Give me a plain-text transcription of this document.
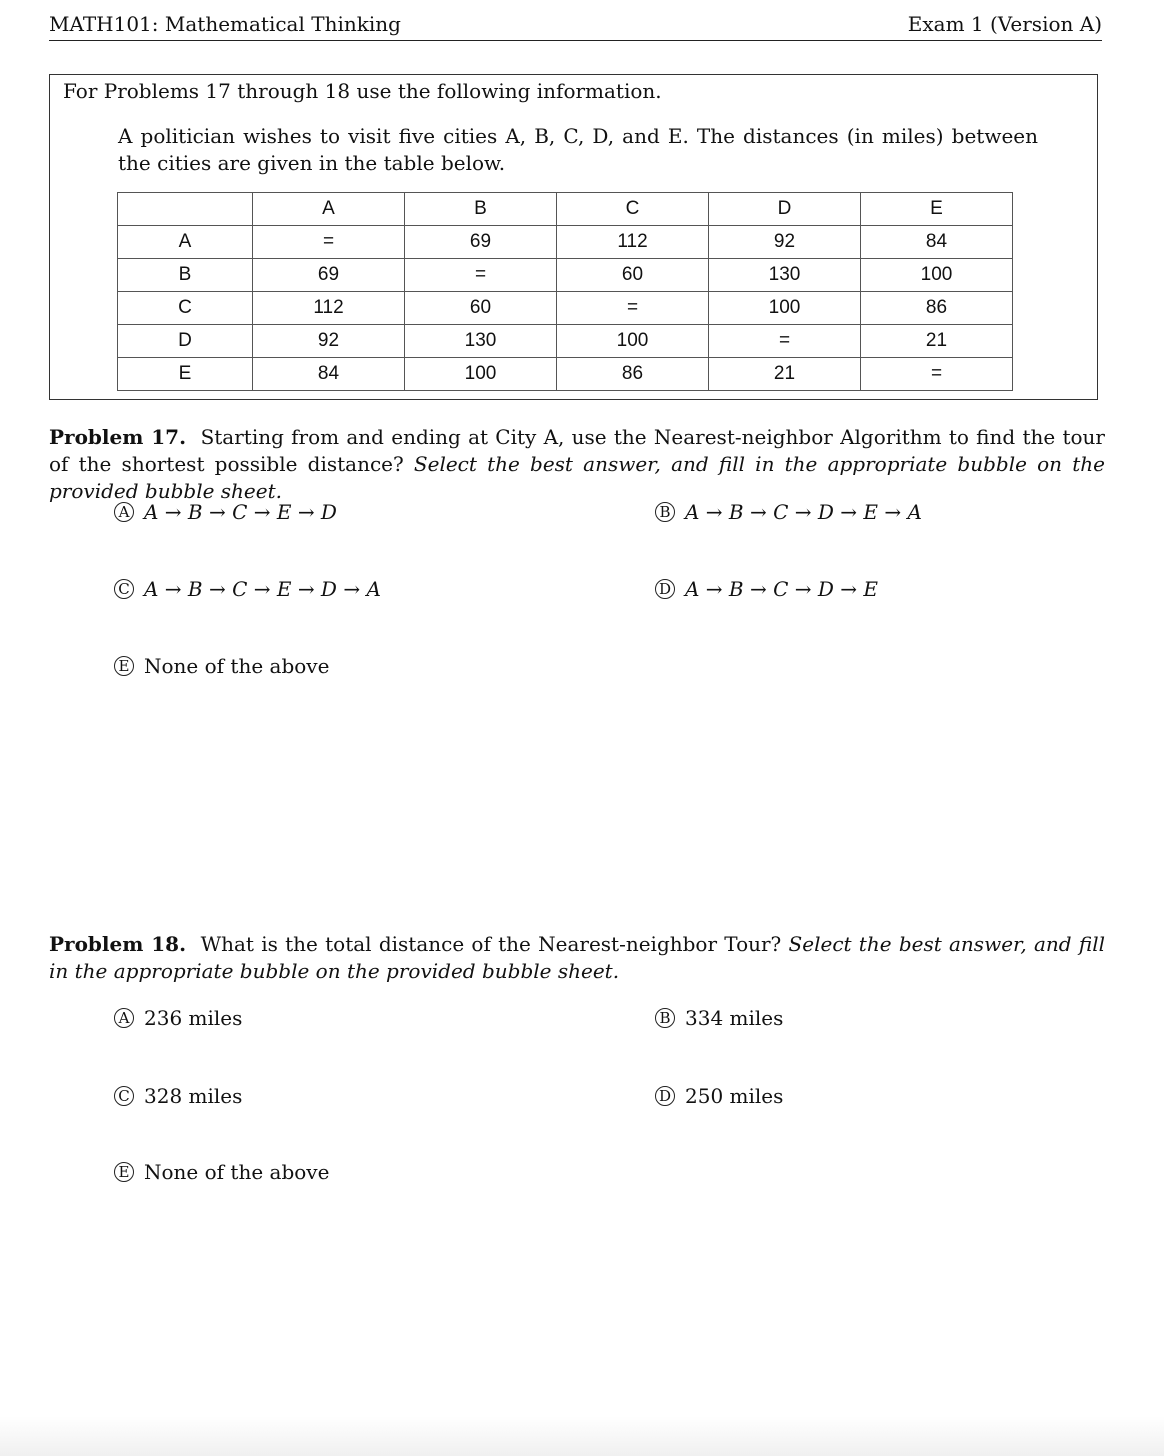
MATH101: Mathematical Thinking	Exam 1 (Version A)
For Problems 17 through 18 use the following information.
A politician wishes to visit five cities A, B, C, D, and E. The distances (in miles) between the cities are given in the table below.
	A	B	C	D	E
A	=	69	112	92	84
B	69	=	60	130	100
C	112	60	=	100	86
D	92	130	100	=	21
E	84	100	86	21	=
Problem 17. Starting from and ending at City A, use the Nearest-neighbor Algorithm to find the tour of the shortest possible distance? Select the best answer, and fill in the appropriate bubble on the provided bubble sheet.
A A → B → C → E → D	B A → B → C → D → E → A
C A → B → C → E → D → A	D A → B → C → D → E
E None of the above
Problem 18. What is the total distance of the Nearest-neighbor Tour? Select the best answer, and fill in the appropriate bubble on the provided bubble sheet.
A 236 miles	B 334 miles
C 328 miles	D 250 miles
E None of the above
